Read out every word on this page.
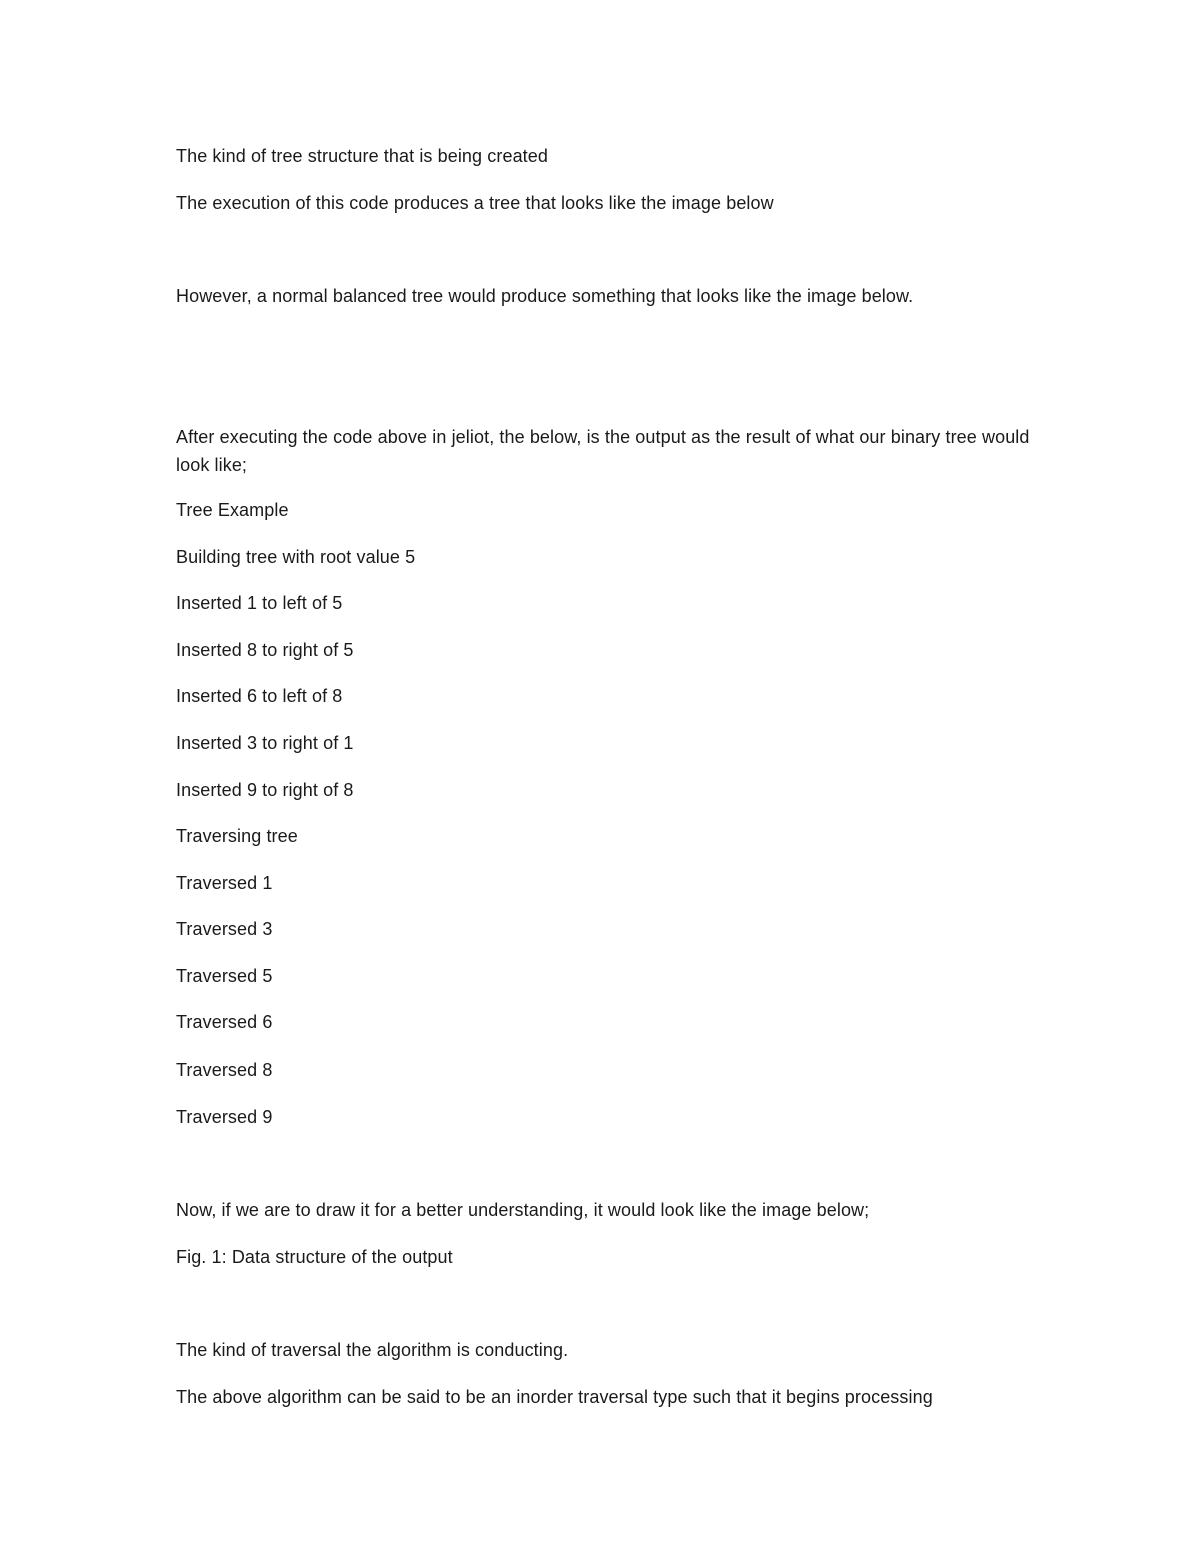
The kind of tree structure that is being created
The execution of this code produces a tree that looks like the image below
However, a normal balanced tree would produce something that looks like the image below.
After executing the code above in jeliot, the below, is the output as the result of what our binary tree would look like;
Tree Example
Building tree with root value 5
Inserted 1 to left of 5
Inserted 8 to right of 5
Inserted 6 to left of 8
Inserted 3 to right of 1
Inserted 9 to right of 8
Traversing tree
Traversed 1
Traversed 3
Traversed 5
Traversed 6
Traversed 8
Traversed 9
Now, if we are to draw it for a better understanding, it would look like the image below;
Fig. 1: Data structure of the output
The kind of traversal the algorithm is conducting.
The above algorithm can be said to be an inorder traversal type such that it begins processing
